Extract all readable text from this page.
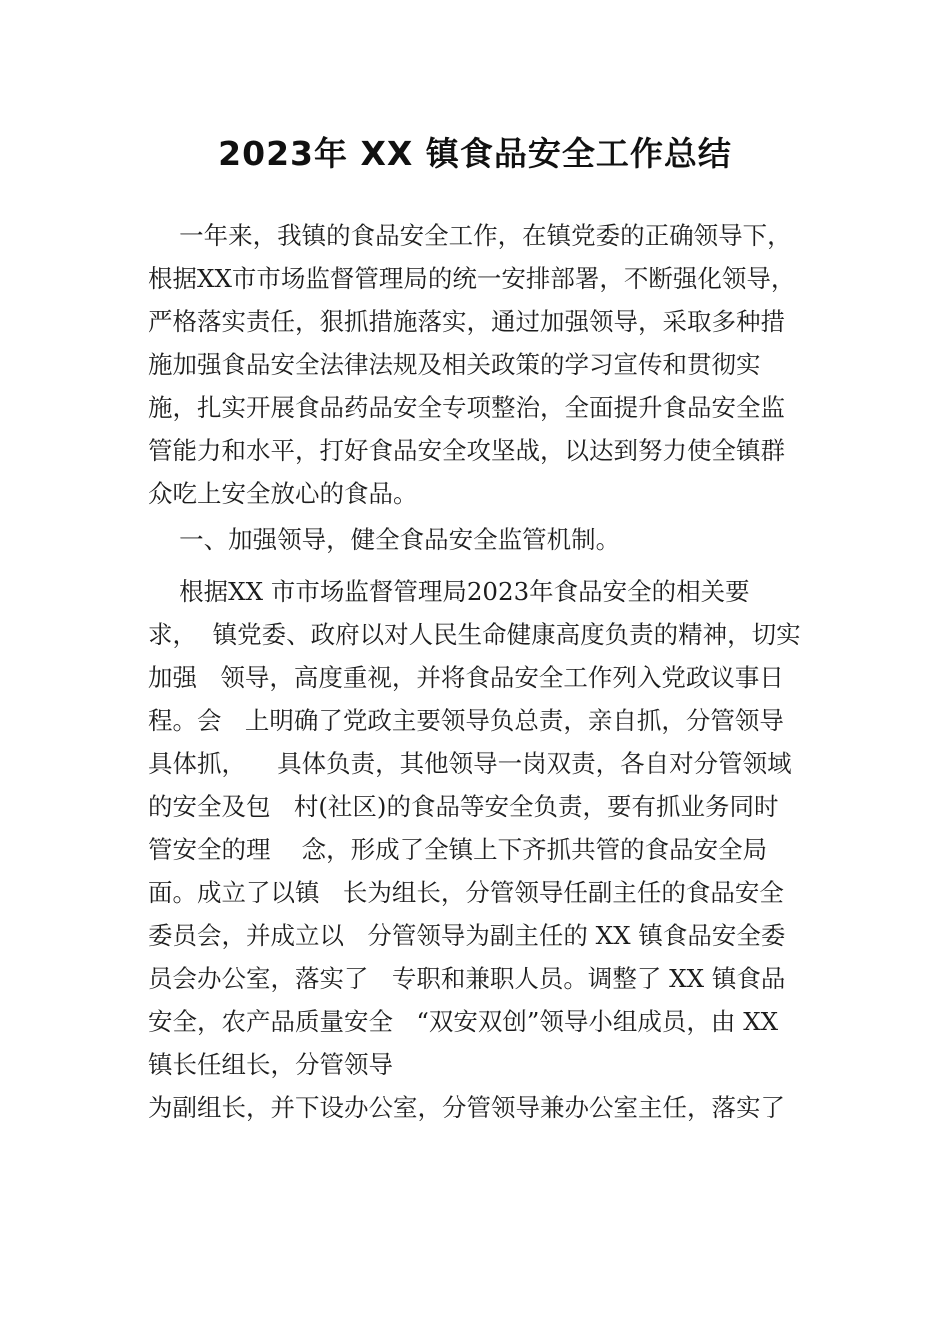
2023年 XX 镇食品安全工作总结
一年来，我镇的食品安全工作，在镇党委的正确领导下，
根据XX市市场监督管理局的统一安排部署，不断强化领导，
严格落实责任，狠抓措施落实，通过加强领导，采取多种措
施加强食品安全法律法规及相关政策的学习宣传和贯彻实
施，扎实开展食品药品安全专项整治，全面提升食品安全监
管能力和水平，打好食品安全攻坚战，以达到努力使全镇群
众吃上安全放心的食品。
一、加强领导，健全食品安全监管机制。
根据XX 市市场监督管理局2023年食品安全的相关要
求，  镇党委、政府以对人民生命健康高度负责的精神，切实
加强   领导，高度重视，并将食品安全工作列入党政议事日
程。会   上明确了党政主要领导负总责，亲自抓，分管领导
具体抓，    具体负责，其他领导一岗双责，各自对分管领域
的安全及包   村(社区)的食品等安全负责，要有抓业务同时
管安全的理    念，形成了全镇上下齐抓共管的食品安全局
面。成立了以镇   长为组长，分管领导任副主任的食品安全
委员会，并成立以   分管领导为副主任的 XX 镇食品安全委
员会办公室，落实了   专职和兼职人员。调整了 XX 镇食品
安全，农产品质量安全   “双安双创”领导小组成员，由 XX
镇长任组长，分管领导
为副组长，并下设办公室，分管领导兼办公室主任，落实了
